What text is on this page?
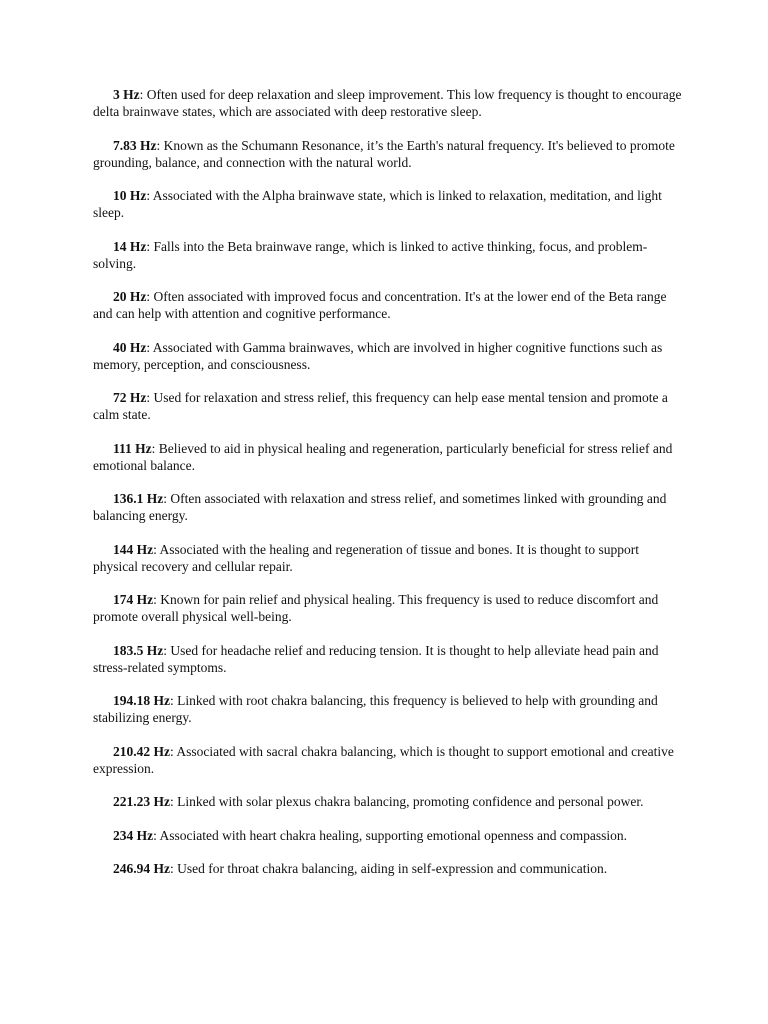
3 Hz: Often used for deep relaxation and sleep improvement. This low frequency is thought to encourage delta brainwave states, which are associated with deep restorative sleep.

7.83 Hz: Known as the Schumann Resonance, it’s the Earth's natural frequency. It's believed to promote grounding, balance, and connection with the natural world.

10 Hz: Associated with the Alpha brainwave state, which is linked to relaxation, meditation, and light sleep.

14 Hz: Falls into the Beta brainwave range, which is linked to active thinking, focus, and problem-solving.

20 Hz: Often associated with improved focus and concentration. It's at the lower end of the Beta range and can help with attention and cognitive performance.

40 Hz: Associated with Gamma brainwaves, which are involved in higher cognitive functions such as memory, perception, and consciousness.

72 Hz: Used for relaxation and stress relief, this frequency can help ease mental tension and promote a calm state.

111 Hz: Believed to aid in physical healing and regeneration, particularly beneficial for stress relief and emotional balance.

136.1 Hz: Often associated with relaxation and stress relief, and sometimes linked with grounding and balancing energy.

144 Hz: Associated with the healing and regeneration of tissue and bones. It is thought to support physical recovery and cellular repair.

174 Hz: Known for pain relief and physical healing. This frequency is used to reduce discomfort and promote overall physical well-being.

183.5 Hz: Used for headache relief and reducing tension. It is thought to help alleviate head pain and stress-related symptoms.

194.18 Hz: Linked with root chakra balancing, this frequency is believed to help with grounding and stabilizing energy.

210.42 Hz: Associated with sacral chakra balancing, which is thought to support emotional and creative expression.

221.23 Hz: Linked with solar plexus chakra balancing, promoting confidence and personal power.

234 Hz: Associated with heart chakra healing, supporting emotional openness and compassion.

246.94 Hz: Used for throat chakra balancing, aiding in self-expression and communication.
